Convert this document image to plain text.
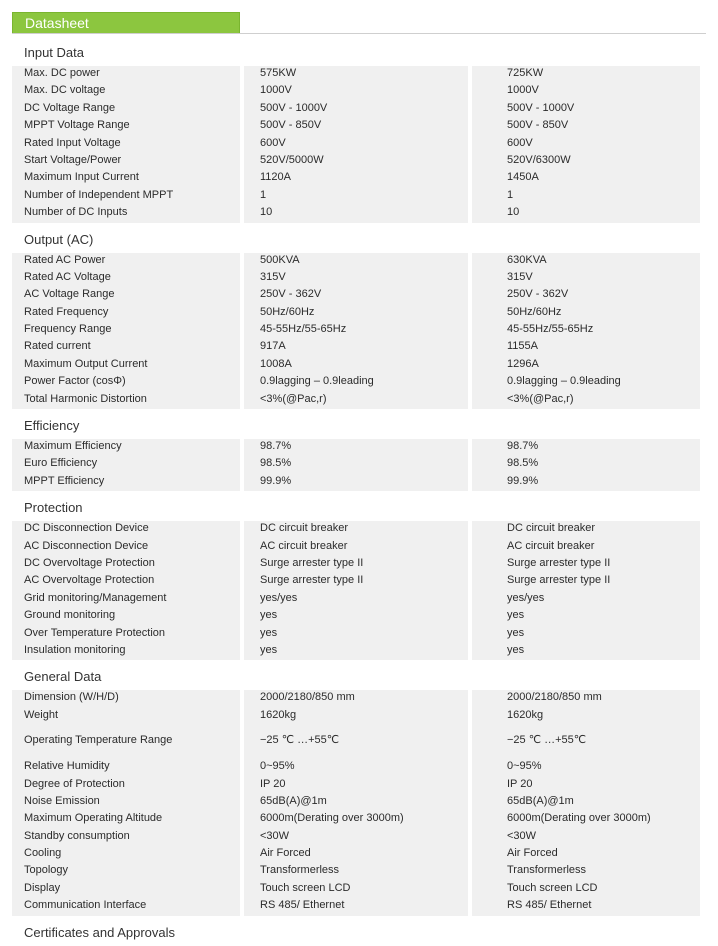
Datasheet
Input Data
Max. DC power	575KW	725KW
Max. DC voltage	1000V	1000V
DC Voltage Range	500V - 1000V	500V - 1000V
MPPT Voltage Range	500V - 850V	500V - 850V
Rated Input Voltage	600V	600V
Start Voltage/Power	520V/5000W	520V/6300W
Maximum Input Current	1120A	1450A
Number of Independent MPPT	1	1
Number of DC Inputs	10	10
Output (AC)
Rated AC Power	500KVA	630KVA
Rated AC Voltage	315V	315V
AC Voltage Range	250V - 362V	250V - 362V
Rated Frequency	50Hz/60Hz	50Hz/60Hz
Frequency Range	45-55Hz/55-65Hz	45-55Hz/55-65Hz
Rated current	917A	1155A
Maximum Output Current	1008A	1296A
Power Factor (cosΦ)	0.9lagging – 0.9leading	0.9lagging – 0.9leading
Total Harmonic Distortion	<3%(@Pac,r)	<3%(@Pac,r)
Efficiency
Maximum Efficiency	98.7%	98.7%
Euro Efficiency	98.5%	98.5%
MPPT Efficiency	99.9%	99.9%
Protection
DC Disconnection Device	DC circuit breaker	DC circuit breaker
AC Disconnection Device	AC circuit breaker	AC circuit breaker
DC Overvoltage Protection	Surge arrester type II	Surge arrester type II
AC Overvoltage Protection	Surge arrester type II	Surge arrester type II
Grid monitoring/Management	yes/yes	yes/yes
Ground monitoring	yes	yes
Over Temperature Protection	yes	yes
Insulation monitoring	yes	yes
General Data
Dimension (W/H/D)	2000/2180/850 mm	2000/2180/850 mm
Weight	1620kg	1620kg
Operating Temperature Range	−25 ℃ …+55℃	−25 ℃ …+55℃
Relative Humidity	0~95%	0~95%
Degree of Protection	IP 20	IP 20
Noise Emission	65dB(A)@1m	65dB(A)@1m
Maximum Operating Altitude	6000m(Derating over 3000m)	6000m(Derating over 3000m)
Standby consumption	<30W	<30W
Cooling	Air Forced	Air Forced
Topology	Transformerless	Transformerless
Display	Touch screen LCD	Touch screen LCD
Communication Interface	RS 485/ Ethernet	RS 485/ Ethernet
Certificates and Approvals
